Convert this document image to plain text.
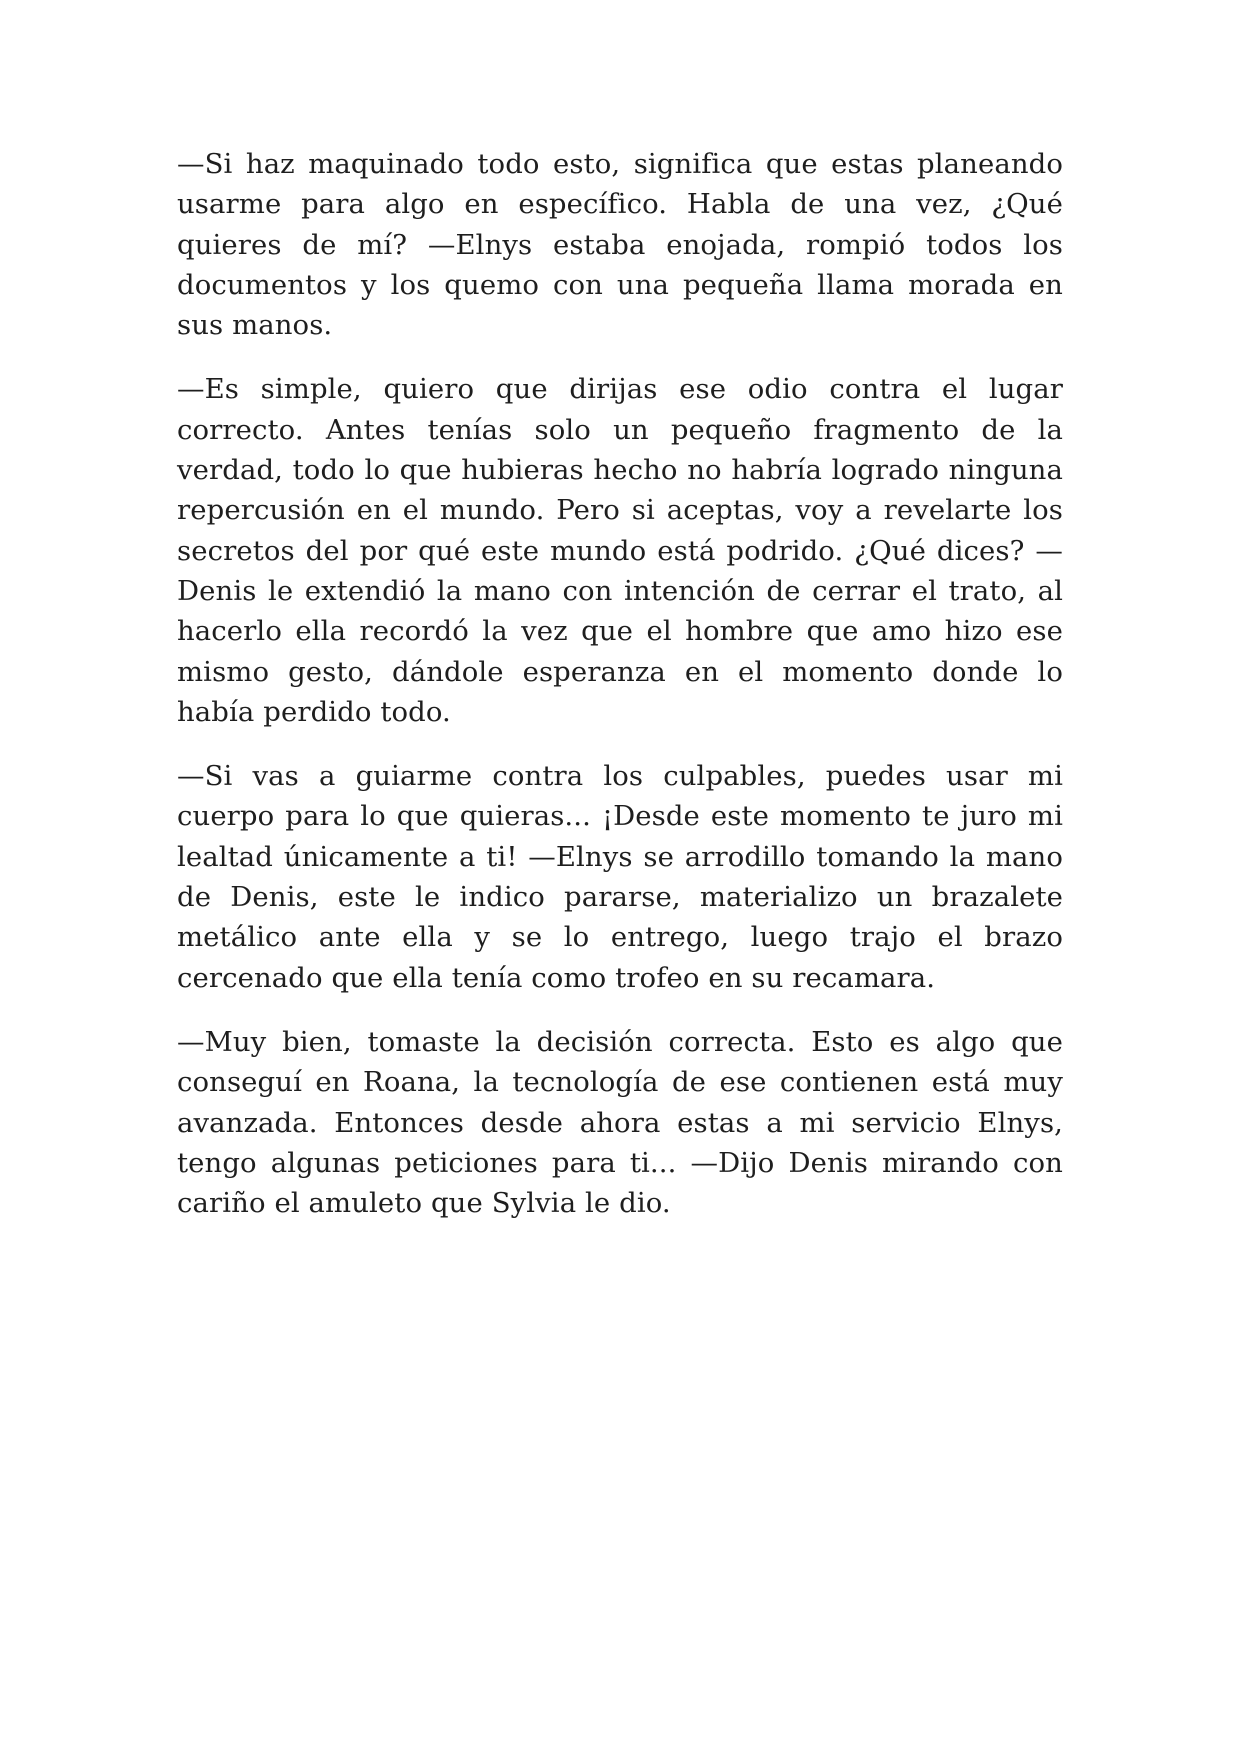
—Si haz maquinado todo esto, significa que estas planeando usarme para algo en específico. Habla de una vez, ¿Qué quieres de mí? —Elnys estaba enojada, rompió todos los documentos y los quemo con una pequeña llama morada en sus manos.

—Es simple, quiero que dirijas ese odio contra el lugar correcto. Antes tenías solo un pequeño fragmento de la verdad, todo lo que hubieras hecho no habría logrado ninguna repercusión en el mundo. Pero si aceptas, voy a revelarte los secretos del por qué este mundo está podrido. ¿Qué dices? —Denis le extendió la mano con intención de cerrar el trato, al hacerlo ella recordó la vez que el hombre que amo hizo ese mismo gesto, dándole esperanza en el momento donde lo había perdido todo.

—Si vas a guiarme contra los culpables, puedes usar mi cuerpo para lo que quieras... ¡Desde este momento te juro mi lealtad únicamente a ti! —Elnys se arrodillo tomando la mano de Denis, este le indico pararse, materializo un brazalete metálico ante ella y se lo entrego, luego trajo el brazo cercenado que ella tenía como trofeo en su recamara.

—Muy bien, tomaste la decisión correcta. Esto es algo que conseguí en Roana, la tecnología de ese contienen está muy avanzada. Entonces desde ahora estas a mi servicio Elnys, tengo algunas peticiones para ti... —Dijo Denis mirando con cariño el amuleto que Sylvia le dio.
